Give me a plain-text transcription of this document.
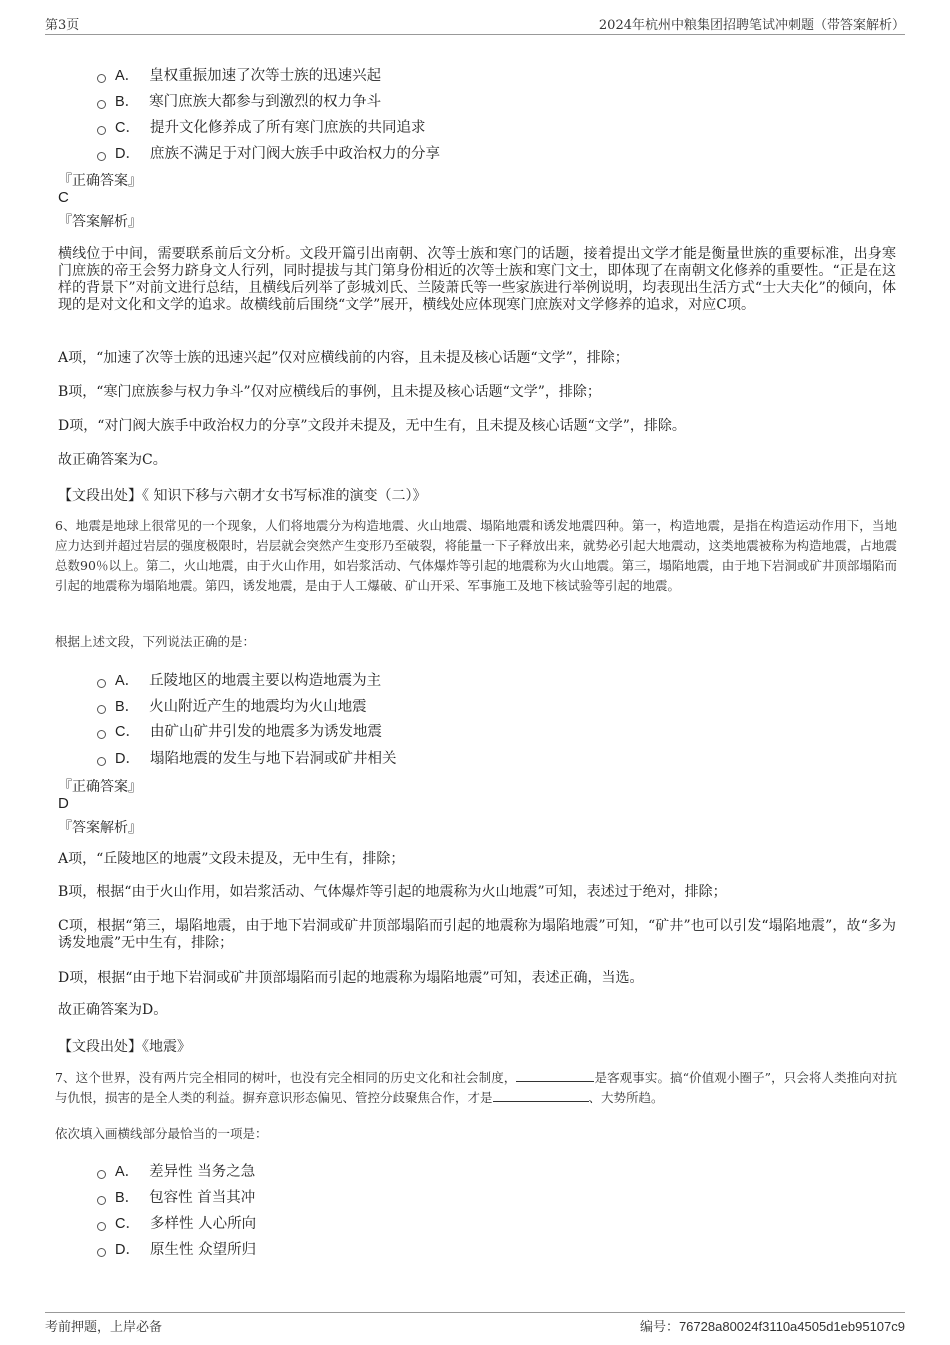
第3页	2024年杭州中粮集团招聘笔试冲刺题（带答案解析）
A． 皇权重振加速了次等士族的迅速兴起
B． 寒门庶族大都参与到激烈的权力争斗
C． 提升文化修养成了所有寒门庶族的共同追求
D． 庶族不满足于对门阀大族手中政治权力的分享
『正确答案』
C
『答案解析』
横线位于中间，需要联系前后文分析。文段开篇引出南朝、次等士族和寒门的话题，接着提出文学才能是衡量世族的重要标准，出身寒门庶族的帝王会努力跻身文人行列，同时提拔与其门第身份相近的次等士族和寒门文士，即体现了在南朝文化修养的重要性。“正是在这样的背景下”对前文进行总结，且横线后列举了彭城刘氏、兰陵萧氏等一些家族进行举例说明，均表现出生活方式“士大夫化”的倾向，体现的是对文化和文学的追求。故横线前后围绕“文学”展开，横线处应体现寒门庶族对文学修养的追求，对应C项。
A项，“加速了次等士族的迅速兴起”仅对应横线前的内容，且未提及核心话题“文学”，排除；
B项，“寒门庶族参与权力争斗”仅对应横线后的事例，且未提及核心话题“文学”，排除；
D项，“对门阀大族手中政治权力的分享”文段并未提及，无中生有，且未提及核心话题“文学”，排除。
故正确答案为C。
【文段出处】《 知识下移与六朝才女书写标准的演变（二）》
6、地震是地球上很常见的一个现象，人们将地震分为构造地震、火山地震、塌陷地震和诱发地震四种。第一，构造地震，是指在构造运动作用下，当地应力达到并超过岩层的强度极限时，岩层就会突然产生变形乃至破裂，将能量一下子释放出来，就势必引起大地震动，这类地震被称为构造地震，占地震总数90％以上。第二，火山地震，由于火山作用，如岩浆活动、气体爆炸等引起的地震称为火山地震。第三，塌陷地震，由于地下岩洞或矿井顶部塌陷而引起的地震称为塌陷地震。第四，诱发地震，是由于人工爆破、矿山开采、军事施工及地下核试验等引起的地震。
根据上述文段，下列说法正确的是：
A． 丘陵地区的地震主要以构造地震为主
B． 火山附近产生的地震均为火山地震
C． 由矿山矿井引发的地震多为诱发地震
D． 塌陷地震的发生与地下岩洞或矿井相关
『正确答案』
D
『答案解析』
A项，“丘陵地区的地震”文段未提及，无中生有，排除；
B项，根据“由于火山作用，如岩浆活动、气体爆炸等引起的地震称为火山地震”可知，表述过于绝对，排除；
C项，根据“第三，塌陷地震，由于地下岩洞或矿井顶部塌陷而引起的地震称为塌陷地震”可知，“矿井”也可以引发“塌陷地震”，故“多为诱发地震”无中生有，排除；
D项，根据“由于地下岩洞或矿井顶部塌陷而引起的地震称为塌陷地震”可知，表述正确，当选。
故正确答案为D。
【文段出处】《地震》
7、这个世界，没有两片完全相同的树叶，也没有完全相同的历史文化和社会制度，	是客观事实。搞“价值观小圈子”，只会将人类推向对抗与仇恨，损害的是全人类的利益。摒弃意识形态偏见、管控分歧聚焦合作，才是	、大势所趋。
依次填入画横线部分最恰当的一项是：
A． 差异性 当务之急
B． 包容性 首当其冲
C． 多样性 人心所向
D． 原生性 众望所归
考前押题，上岸必备	编号：76728a80024f3110a4505d1eb95107c9
